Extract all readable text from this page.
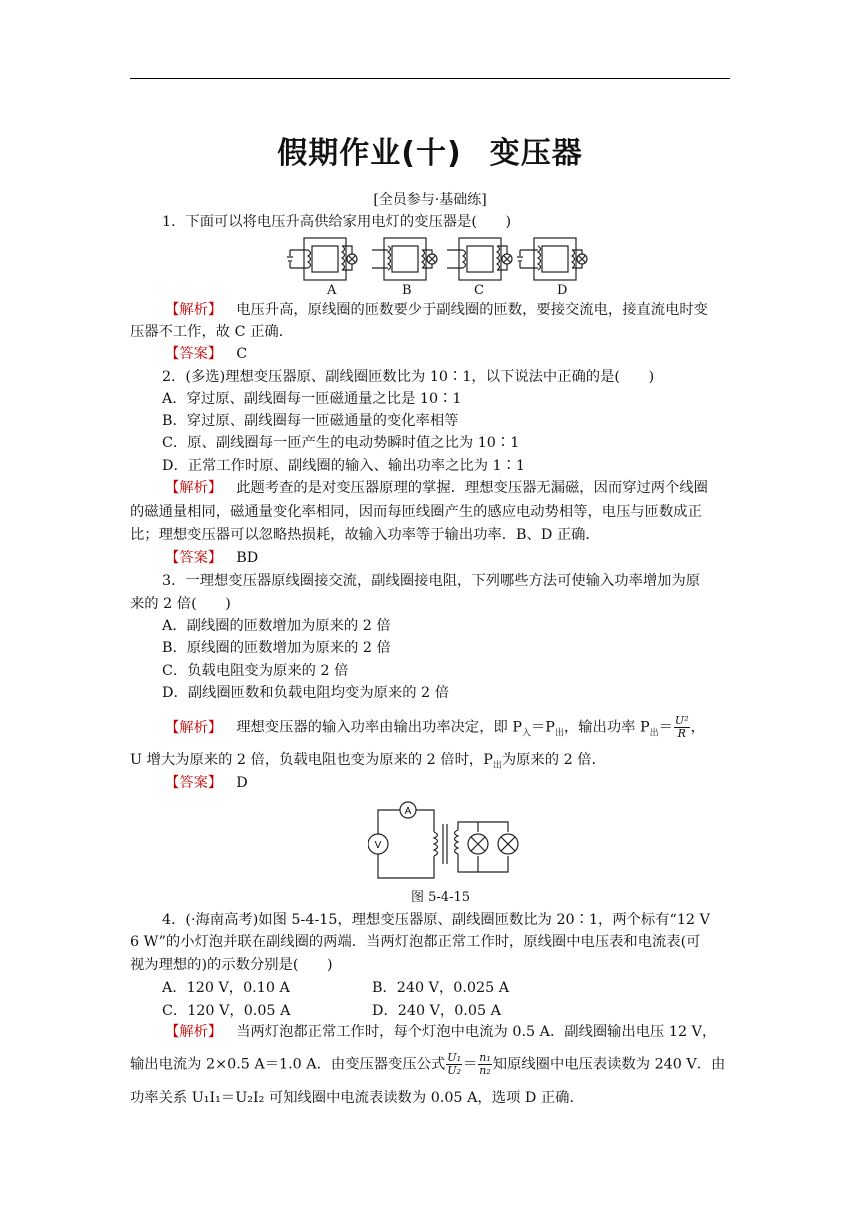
假期作业(十) 变压器
[全员参与·基础练]
1．下面可以将电压升高供给家用电灯的变压器是(　　)
A	B	C	D
【解析】 电压升高，原线圈的匝数要少于副线圈的匝数，要接交流电，接直流电时变
压器不工作，故 C 正确．
【答案】 C
2．(多选)理想变压器原、副线圈匝数比为 10∶1，以下说法中正确的是(　　)
A．穿过原、副线圈每一匝磁通量之比是 10∶1
B．穿过原、副线圈每一匝磁通量的变化率相等
C．原、副线圈每一匝产生的电动势瞬时值之比为 10∶1
D．正常工作时原、副线圈的输入、输出功率之比为 1∶1
【解析】 此题考查的是对变压器原理的掌握．理想变压器无漏磁，因而穿过两个线圈
的磁通量相同，磁通量变化率相同，因而每匝线圈产生的感应电动势相等，电压与匝数成正
比；理想变压器可以忽略热损耗，故输入功率等于输出功率．B、D 正确．
【答案】 BD
3．一理想变压器原线圈接交流，副线圈接电阻，下列哪些方法可使输入功率增加为原
来的 2 倍(　　)
A．副线圈的匝数增加为原来的 2 倍
B．原线圈的匝数增加为原来的 2 倍
C．负载电阻变为原来的 2 倍
D．副线圈匝数和负载电阻均变为原来的 2 倍
【解析】 理想变压器的输入功率由输出功率决定，即 $P_入=P_出$，输出功率 $P_出= \frac{\text{U²}}{R}$ ，
U 增大为原来的 2 倍，负载电阻也变为原来的 2 倍时，$P_出$为原来的 2 倍．
【答案】 D
A
V
图 5-4-15
4．(·海南高考)如图 5-4-15，理想变压器原、副线圈匝数比为 20∶1，两个标有“12 V
6 W”的小灯泡并联在副线圈的两端．当两灯泡都正常工作时，原线圈中电压表和电流表(可
视为理想的)的示数分别是(　　)
A．120 V，0.10 A	B．240 V，0.025 A
C．120 V，0.05 A	D．240 V，0.05 A
【解析】 当两灯泡都正常工作时，每个灯泡中电流为 0.5 A．副线圈输出电压 12 V，
输出电流为 2×0.5 A＝1.0 A．由变压器变压公式 $\frac{\text{U₁}}{\text{U₂}} = \frac{\text{n₁}}{\text{n₂}}$ 知原线圈中电压表读数为 240 V．由
功率关系 U₁I₁＝U₂I₂ 可知线圈中电流表读数为 0.05 A，选项 D 正确．
